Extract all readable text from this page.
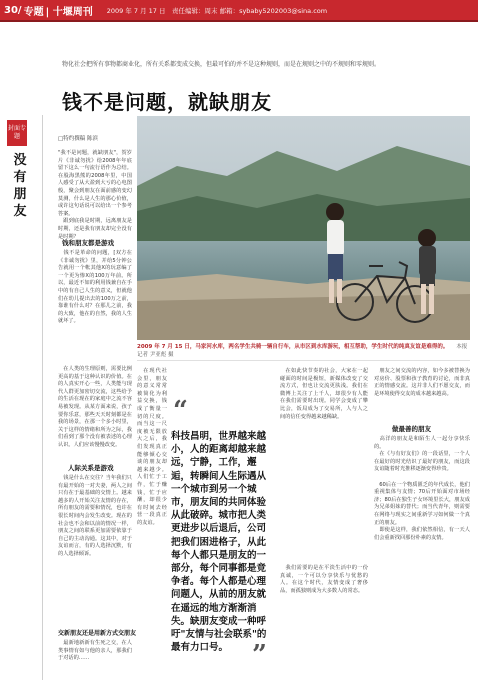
30/ 专题 | 十堰周刊 2009 年 7 月 17 日　责任编辑：周末 邮箱：sybaby5202003@sina.com
物化社会把所有事物都商业化，所有关系都变成交换，但最可怕的并不是这种规则，而是在规则之中的不规则和零规则。
钱不是问题，就缺朋友
封面专题
没有朋友
□特约撰稿 陈滨
"我不是问题，就缺朋友"，贺岁片《非诚勿扰》给2008年年底留下这么一句流行语作为总结。在股海黑熊的2008年里，中国人感受了从大盈到大亏的心电图般，聚会到朋友在面前感的变幻莫测，什么是人生的那心价值，或许这句话说可以给出一个参考答案。
　跟到底我是时期，远离朋友是时期，还是我有朋友却完全没有是时期？
钱和朋友都是游戏
　钱不是革命的问题，[双方在《非诚勿扰》里，并给5分钟公告就用一个帐其他X的玩意编了一个更为惨X的100万年前。所以，最近不如的利用钱兼自在手中的有自己人生的意义，但就他们在幼儿提出去的100万之前，靠谁有什么对？在那儿之前，我的大致，他在的自然，我的人生就坏了。
　在人类的生理原则，需要比例更高的基于这种认识的价值。在的人真实开心一些，人类能与现代人群更加密切交流，这些给予的生活在现在的家庭中之流不容易被发现。从某方面来说，孩子要你乐意，那些天天时刻都是在我的场景，在那一个多小时里，关于这样的情绪和所为之际，我们看到了那个没有被表述的心理认识。人们应该慢慢改变。
人际关系是游戏
　钱是什么在交往？当年我们只有最开始的一对夫妻，两人之间只有在于最基础的交情上。越来越多的人开始关注友情的存在，所有朋友的需要和情况，也许在很长时间内会发生改变。现在的社会也不会和以前的情况一样，朋友之间的联系更加需要依靠于自己的主动沟通。这其中，对于友谊而言，有的人选择沉默，有的人选择倾诉。
交新朋友还是用新方式交朋友
　最新地新新有生死之交，在人类事情有如与他的亲人，那我们于对话的……
2009 年 7 月 15 日，马家河水库，两名学生共骑一辆自行车，从市区到水库游玩，相互帮助，学生时代的纯真友谊是难得的。 本报记者 尹亚彪 摄
“
科技昌明，世界越来越小，人的距离却越来越远，宁静，工作，邂逅，转瞬间人生际遇从一个城市到另一个城市，朋友间的共同体验从此破碎。城市把人类更进步以后退后，公司把我们困进格子，从此每个人都只是朋友的一部分，每个同事都是竞争者。每个人都是心理问题人，从前的朋友就在遥远的地方渐渐消失。缺朋友变成一种呼吁"友情与社会联系"的最有力口号。 ”
　在现代社会里，朋友的意义常常被简化为利益交换，钱成了衡量一切的尺度。而当这一尺度被无限放大之后，我们发现真正能够倾心交谈的朋友却越来越少。人们忙于工作，忙于赚钱，忙于应酬，却很少有时间去经营一段真正的友谊。
　在如此快节奏的社会，大家在一起碰面的时间是极短，新媒体改变了交流方式，但也让交流更肤浅。我们在微博上关注了上千人，却很少有人能在我们需要时出现。同学会变成了攀比会，饭局成为了交易所，人与人之间的信任变得越来越稀缺。
　我们需要的是在平淡生活中的一份真诚，一个可以分享快乐与忧愁的人。在这个时代，友情变成了奢侈品，而孤独则成为大多数人的常态。
　朋友之间交流的内容，如今多被替换为对房价、股票和孩子教育的讨论，而非真正的情感交流。这并非人们不愿交友，而是环境使得交友的成本越来越高。
做最善的朋友
　高洋的朋友是和陌生人一起分享快乐的。
　在《与有好友们》的一段话里，一个人在最好的时光结识了最好的朋友，而这段友谊随着时光推移逐渐变得珍贵。

　60后在一个物质匮乏的年代成长，他们重视集体与友情；70后开始面对市场经济；80后在独生子女环境里长大，朋友成为兄弟姐妹的替代；而当代青年，则需要在网络与现实之间重新学习如何做一个真正的朋友。
　即使是这样，我们依然相信，有一天人们会重新找回那份朴素的友情。
